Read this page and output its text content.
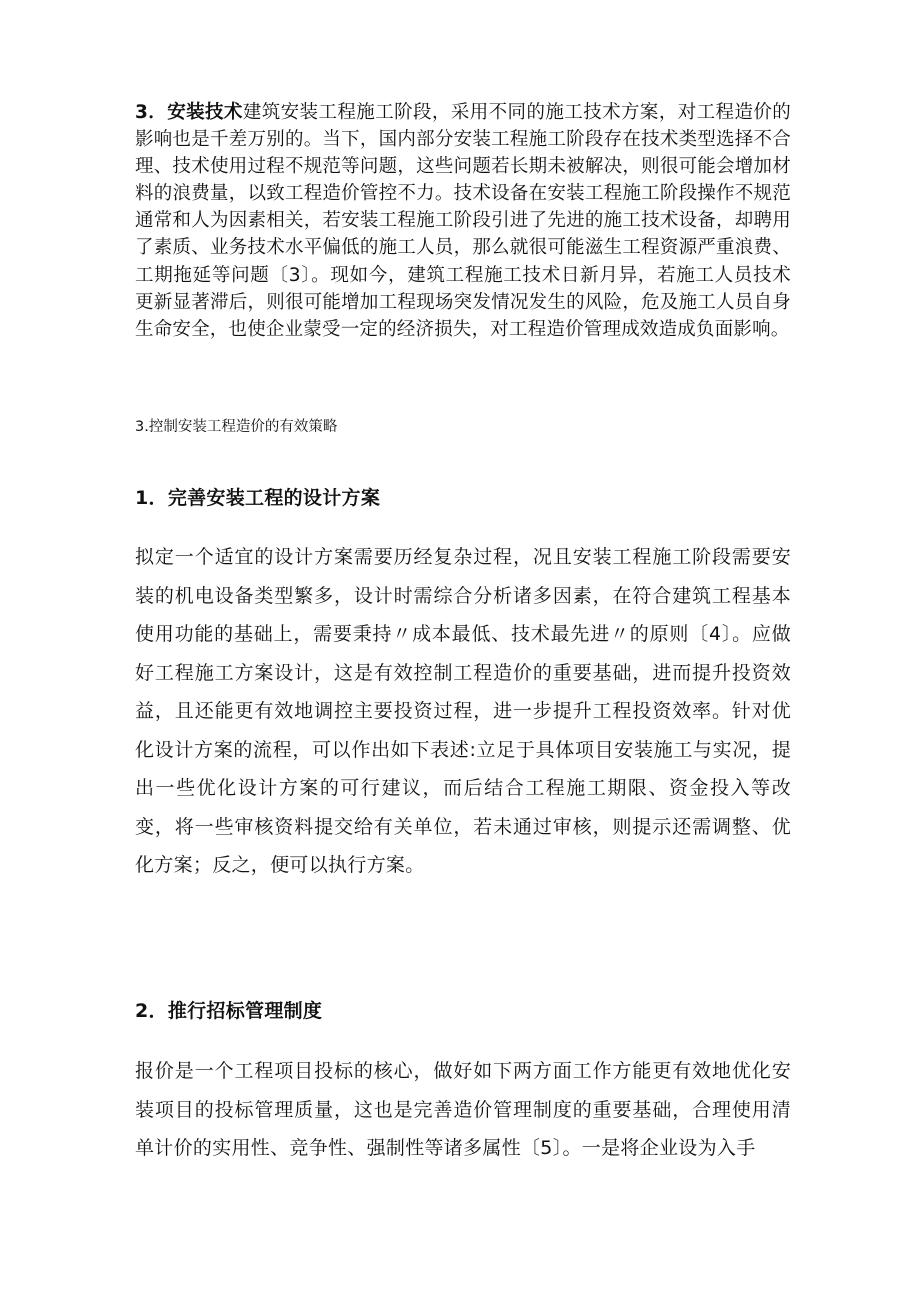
3．安装技术建筑安装工程施工阶段，采用不同的施工技术方案，对工程造价的影响也是千差万别的。当下，国内部分安装工程施工阶段存在技术类型选择不合理、技术使用过程不规范等问题，这些问题若长期未被解决，则很可能会增加材料的浪费量，以致工程造价管控不力。技术设备在安装工程施工阶段操作不规范通常和人为因素相关，若安装工程施工阶段引进了先进的施工技术设备，却聘用了素质、业务技术水平偏低的施工人员，那么就很可能滋生工程资源严重浪费、工期拖延等问题〔3〕。现如今，建筑工程施工技术日新月异，若施工人员技术更新显著滞后，则很可能增加工程现场突发情况发生的风险，危及施工人员自身生命安全，也使企业蒙受一定的经济损失，对工程造价管理成效造成负面影响。

3.控制安装工程造价的有效策略
1．完善安装工程的设计方案

拟定一个适宜的设计方案需要历经复杂过程，况且安装工程施工阶段需要安装的机电设备类型繁多，设计时需综合分析诸多因素，在符合建筑工程基本使用功能的基础上，需要秉持〃成本最低、技术最先进〃的原则〔4〕。应做好工程施工方案设计，这是有效控制工程造价的重要基础，进而提升投资效益，且还能更有效地调控主要投资过程，进一步提升工程投资效率。针对优化设计方案的流程，可以作出如下表述:立足于具体项目安装施工与实况，提出一些优化设计方案的可行建议，而后结合工程施工期限、资金投入等改变，将一些审核资料提交给有关单位，若未通过审核，则提示还需调整、优化方案；反之，便可以执行方案。

2．推行招标管理制度

报价是一个工程项目投标的核心，做好如下两方面工作方能更有效地优化安装项目的投标管理质量，这也是完善造价管理制度的重要基础，合理使用清单计价的实用性、竞争性、强制性等诸多属性〔5〕。一是将企业设为入手
